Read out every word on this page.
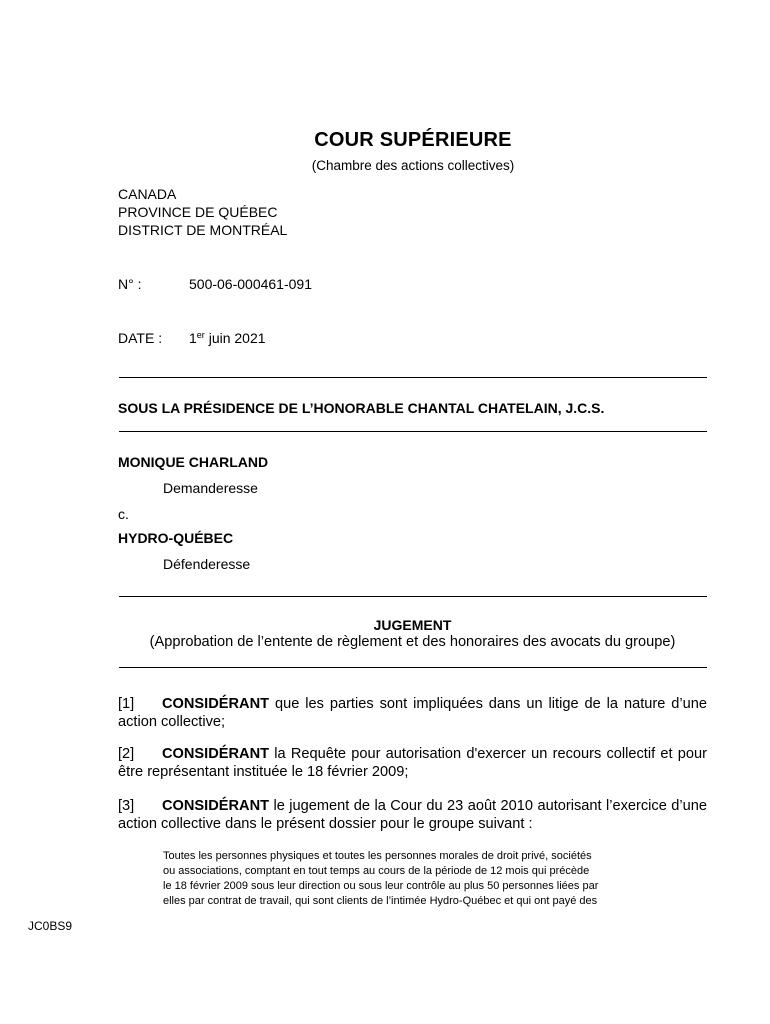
COUR SUPÉRIEURE
(Chambre des actions collectives)
CANADA
PROVINCE DE QUÉBEC
DISTRICT DE MONTRÉAL
N° :	500-06-000461-091
DATE : 1er juin 2021
SOUS LA PRÉSIDENCE DE L’HONORABLE CHANTAL CHATELAIN, J.C.S.
MONIQUE CHARLAND
Demanderesse
c.
HYDRO-QUÉBEC
Défenderesse
JUGEMENT
(Approbation de l’entente de règlement et des honoraires des avocats du groupe)
[1] CONSIDÉRANT que les parties sont impliquées dans un litige de la nature d’une action collective;
[2] CONSIDÉRANT la Requête pour autorisation d'exercer un recours collectif et pour être représentant instituée le 18 février 2009;
[3] CONSIDÉRANT le jugement de la Cour du 23 août 2010 autorisant l’exercice d’une action collective dans le présent dossier pour le groupe suivant :
Toutes les personnes physiques et toutes les personnes morales de droit privé, sociétés
ou associations, comptant en tout temps au cours de la période de 12 mois qui précède
le 18 février 2009 sous leur direction ou sous leur contrôle au plus 50 personnes liées par
elles par contrat de travail, qui sont clients de l’intimée Hydro-Québec et qui ont payé des
JC0BS9
